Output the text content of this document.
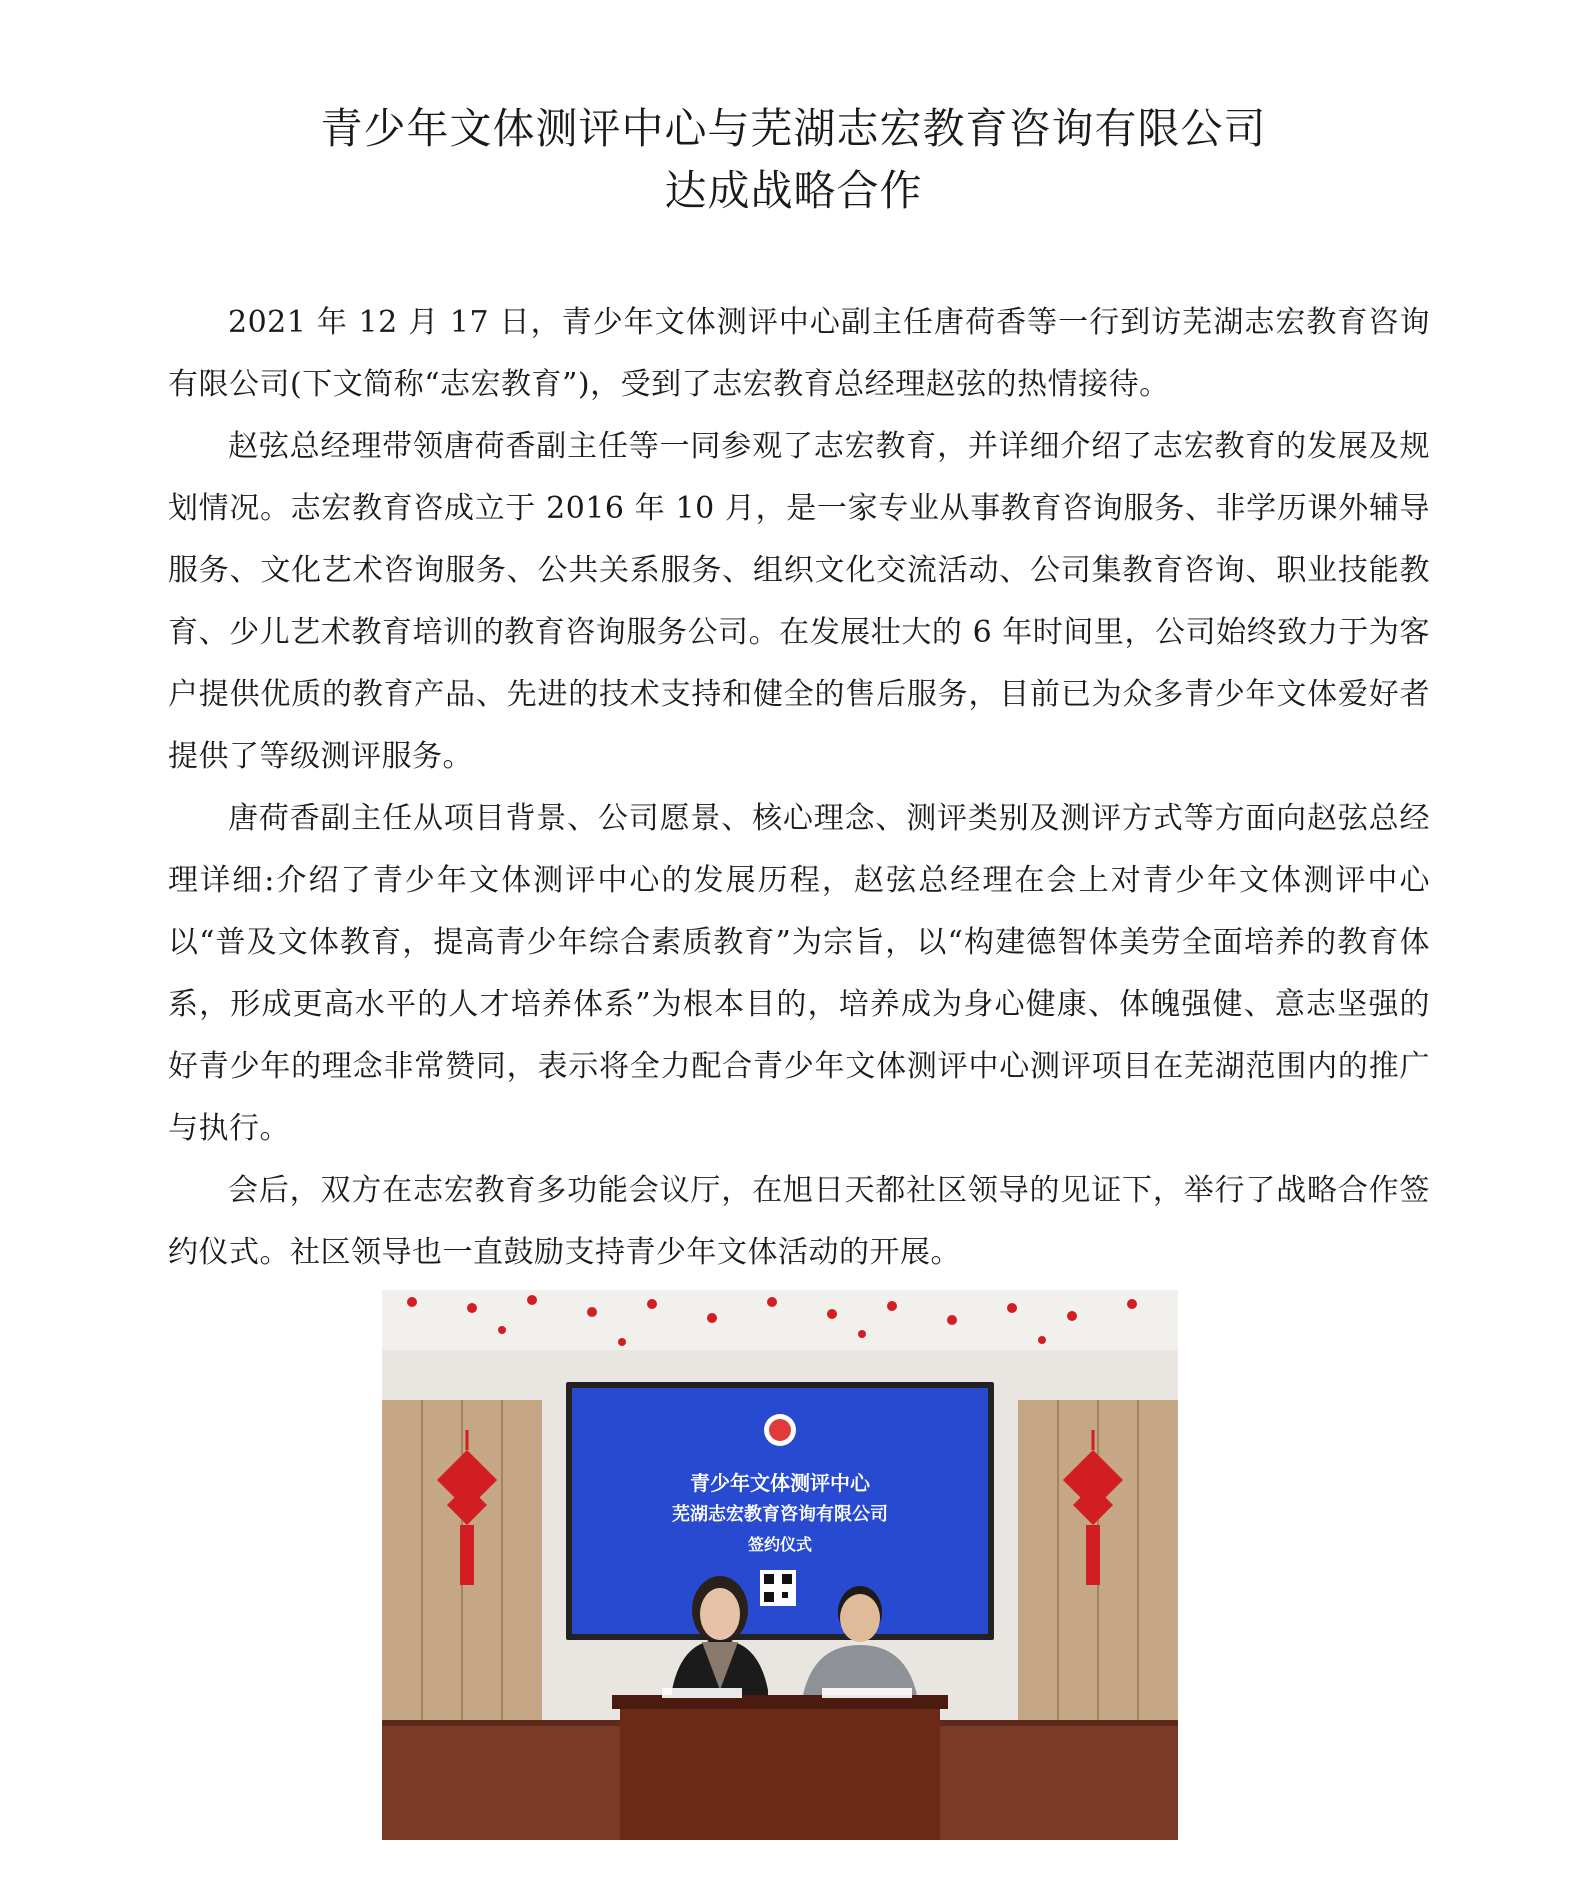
青少年文体测评中心与芜湖志宏教育咨询有限公司
达成战略合作

2021 年 12 月 17 日，青少年文体测评中心副主任唐荷香等一行到访芜湖志宏教育咨询有限公司(下文简称“志宏教育”)，受到了志宏教育总经理赵弦的热情接待。

赵弦总经理带领唐荷香副主任等一同参观了志宏教育，并详细介绍了志宏教育的发展及规划情况。志宏教育咨成立于 2016 年 10 月，是一家专业从事教育咨询服务、非学历课外辅导服务、文化艺术咨询服务、公共关系服务、组织文化交流活动、公司集教育咨询、职业技能教育、少儿艺术教育培训的教育咨询服务公司。在发展壮大的 6 年时间里，公司始终致力于为客户提供优质的教育产品、先进的技术支持和健全的售后服务，目前已为众多青少年文体爱好者提供了等级测评服务。

唐荷香副主任从项目背景、公司愿景、核心理念、测评类别及测评方式等方面向赵弦总经理详细:介绍了青少年文体测评中心的发展历程，赵弦总经理在会上对青少年文体测评中心以“普及文体教育，提高青少年综合素质教育”为宗旨，以“构建德智体美劳全面培养的教育体系，形成更高水平的人才培养体系”为根本目的，培养成为身心健康、体魄强健、意志坚强的好青少年的理念非常赞同，表示将全力配合青少年文体测评中心测评项目在芜湖范围内的推广与执行。

会后，双方在志宏教育多功能会议厅，在旭日天都社区领导的见证下，举行了战略合作签约仪式。社区领导也一直鼓励支持青少年文体活动的开展。

青少年文体测评中心
芜湖志宏教育咨询有限公司
签约仪式
